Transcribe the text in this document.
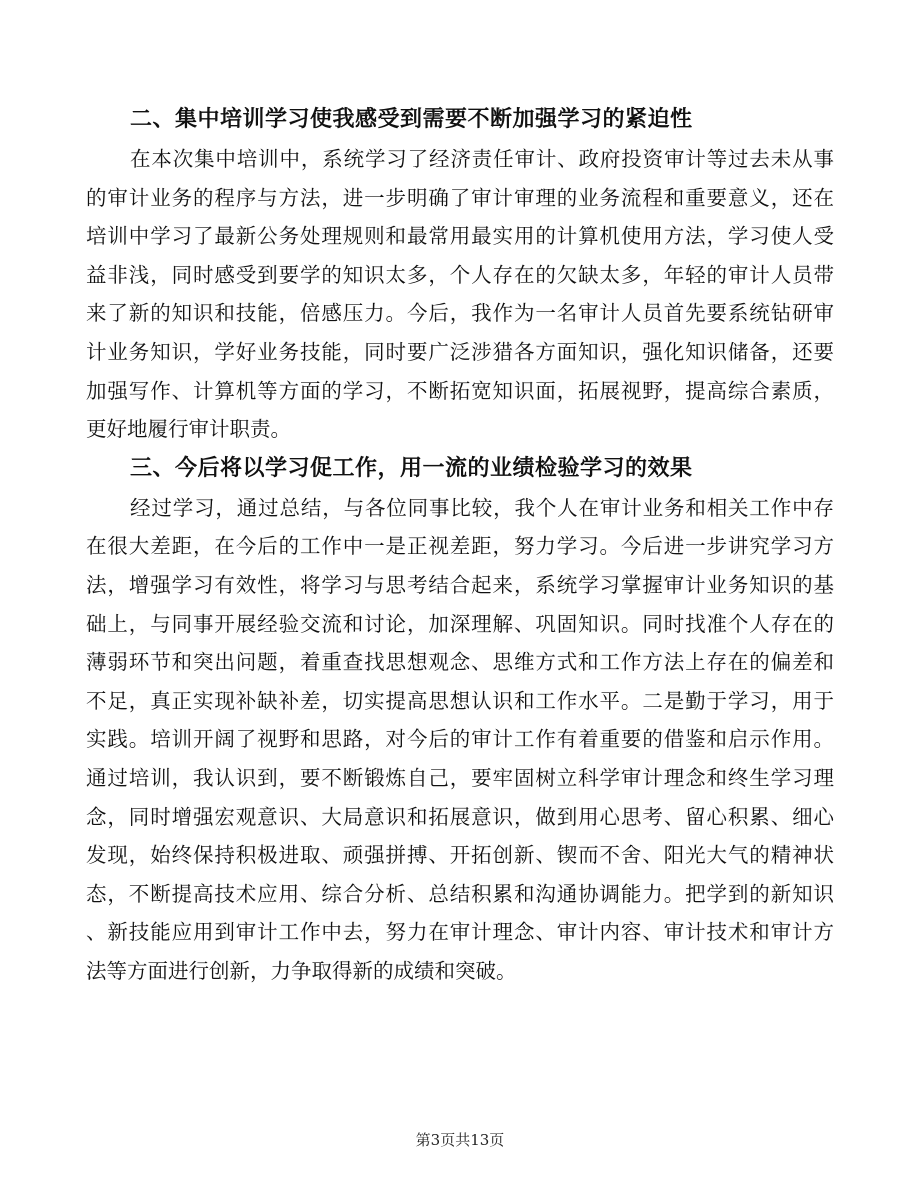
二、集中培训学习使我感受到需要不断加强学习的紧迫性
在本次集中培训中，系统学习了经济责任审计、政府投资审计等过去未从事
的审计业务的程序与方法，进一步明确了审计审理的业务流程和重要意义，还在
培训中学习了最新公务处理规则和最常用最实用的计算机使用方法，学习使人受
益非浅，同时感受到要学的知识太多，个人存在的欠缺太多，年轻的审计人员带
来了新的知识和技能，倍感压力。今后，我作为一名审计人员首先要系统钻研审
计业务知识，学好业务技能，同时要广泛涉猎各方面知识，强化知识储备，还要
加强写作、计算机等方面的学习，不断拓宽知识面，拓展视野，提高综合素质，
更好地履行审计职责。
三、今后将以学习促工作，用一流的业绩检验学习的效果
经过学习，通过总结，与各位同事比较，我个人在审计业务和相关工作中存
在很大差距，在今后的工作中一是正视差距，努力学习。今后进一步讲究学习方
法，增强学习有效性，将学习与思考结合起来，系统学习掌握审计业务知识的基
础上，与同事开展经验交流和讨论，加深理解、巩固知识。同时找准个人存在的
薄弱环节和突出问题，着重查找思想观念、思维方式和工作方法上存在的偏差和
不足，真正实现补缺补差，切实提高思想认识和工作水平。二是勤于学习，用于
实践。培训开阔了视野和思路，对今后的审计工作有着重要的借鉴和启示作用。
通过培训，我认识到，要不断锻炼自己，要牢固树立科学审计理念和终生学习理
念，同时增强宏观意识、大局意识和拓展意识，做到用心思考、留心积累、细心
发现，始终保持积极进取、顽强拼搏、开拓创新、锲而不舍、阳光大气的精神状
态，不断提高技术应用、综合分析、总结积累和沟通协调能力。把学到的新知识
、新技能应用到审计工作中去，努力在审计理念、审计内容、审计技术和审计方
法等方面进行创新，力争取得新的成绩和突破。
第3页共13页
